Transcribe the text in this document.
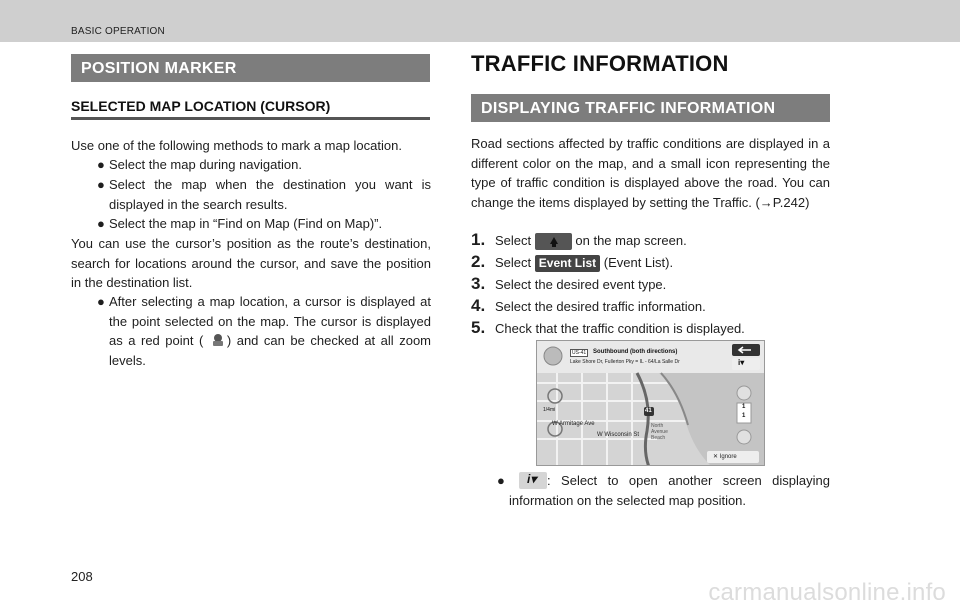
BASIC OPERATION
POSITION MARKER
SELECTED MAP LOCATION (CURSOR)
Use one of the following methods to mark a map location.
● Select the map during navigation.
● Select the map when the destination you want is displayed in the search results.
● Select the map in “Find on Map (Find on Map)”.
You can use the cursor’s position as the route’s destination, search for locations around the cursor, and save the position in the destination list.
● After selecting a map location, a cursor is displayed at the point selected on the map. The cursor is displayed as a red point ( ) and can be checked at all zoom levels.
TRAFFIC INFORMATION
DISPLAYING TRAFFIC INFORMATION
Road sections affected by traffic conditions are displayed in a different color on the map, and a small icon representing the type of traffic condition is displayed above the road. You can change the items displayed by setting the Traffic. (→P.242)
1. Select	on the map screen.
2. Select Event List (Event List).
3. Select the desired event type.
4. Select the desired traffic information.
5. Check that the traffic condition is displayed.
US-41	Southbound (both directions)
Lake Shore Dr, Fullerton Pky = IL - 64/La Salle Dr	i▾
1/4mi
W Armitage Ave
W Wisconsin St
North Avenue Beach
41
1
1
✕ Ignore
i▾
●	: Select to open another screen displaying information on the selected map position.
208
carmanualsonline.info
